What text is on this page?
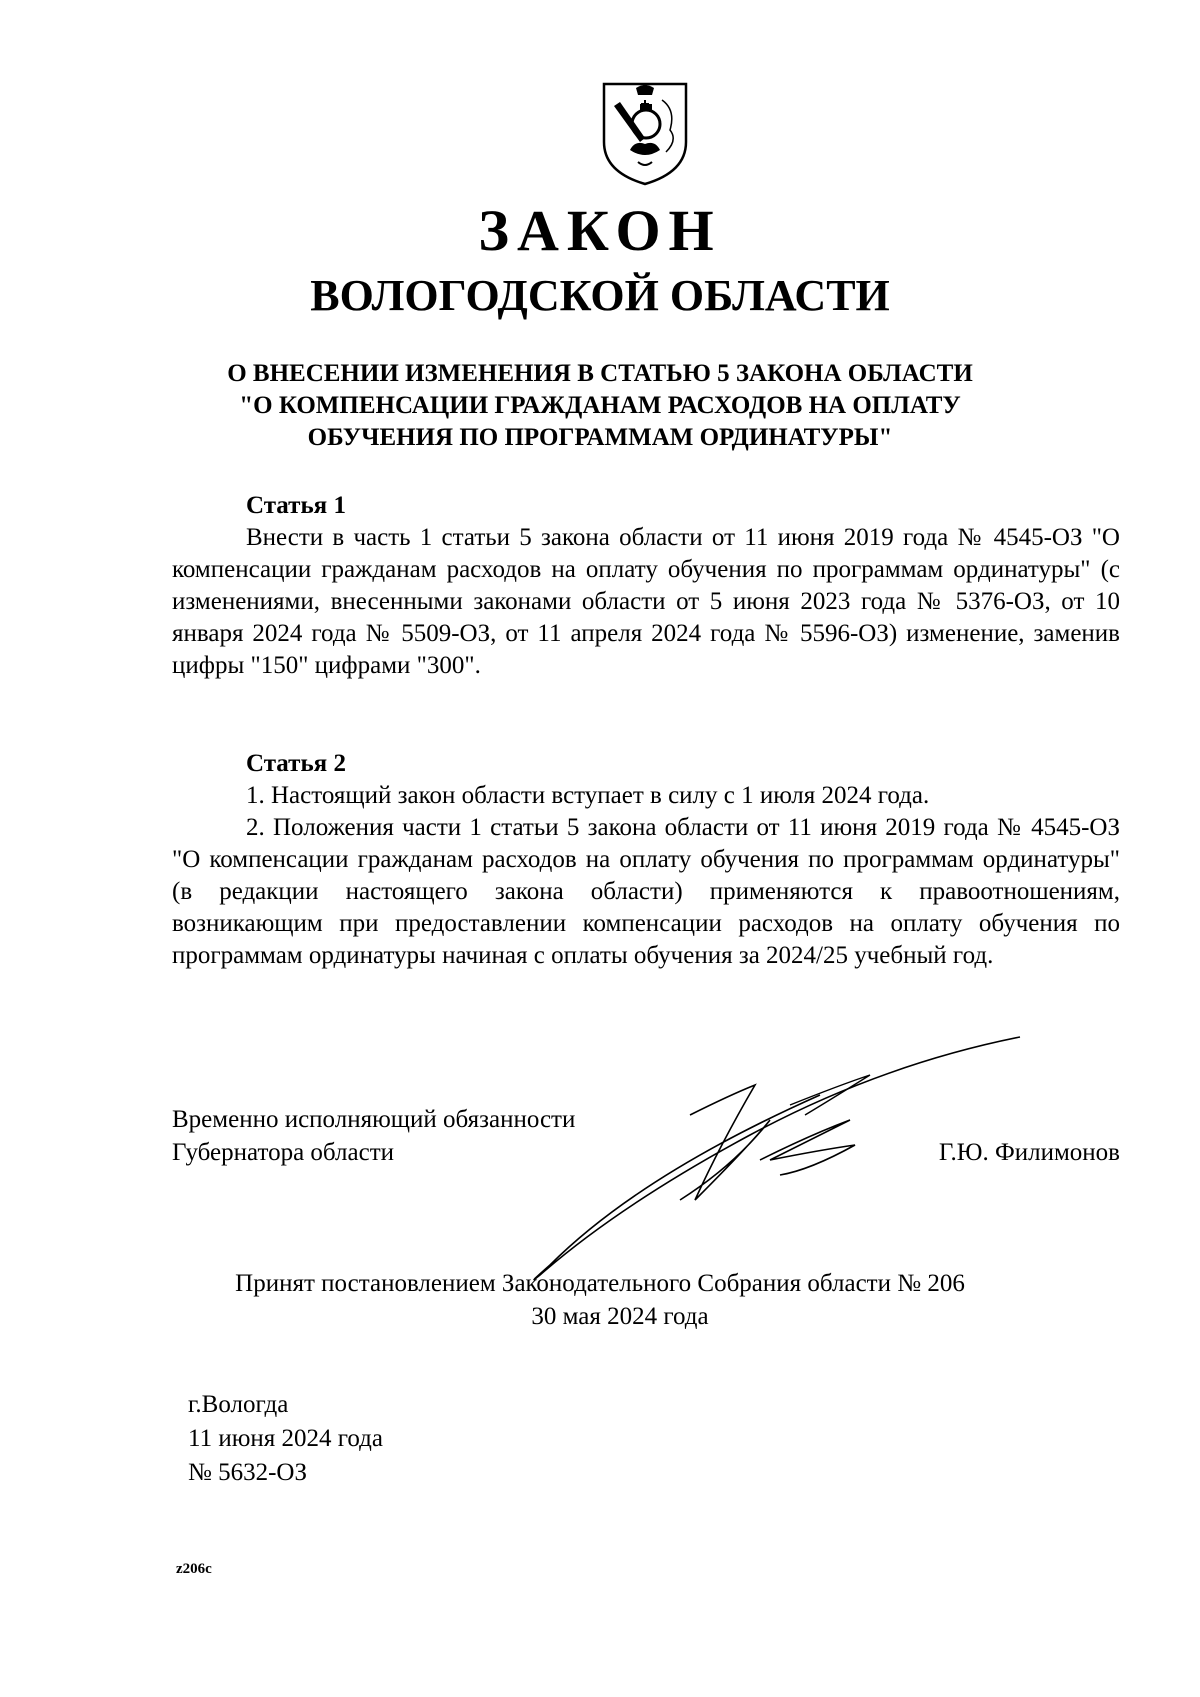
ЗАКОН
ВОЛОГОДСКОЙ ОБЛАСТИ
О ВНЕСЕНИИ ИЗМЕНЕНИЯ В СТАТЬЮ 5 ЗАКОНА ОБЛАСТИ
"О КОМПЕНСАЦИИ ГРАЖДАНАМ РАСХОДОВ НА ОПЛАТУ
ОБУЧЕНИЯ ПО ПРОГРАММАМ ОРДИНАТУРЫ"
Статья 1

Внести в часть 1 статьи 5 закона области от 11 июня 2019 года № 4545-ОЗ "О компенсации гражданам расходов на оплату обучения по программам ординатуры" (с изменениями, внесенными законами области от 5 июня 2023 года № 5376-ОЗ, от 10 января 2024 года № 5509-ОЗ, от 11 апреля 2024 года № 5596-ОЗ) изменение, заменив цифры "150" цифрами "300".

Статья 2

1. Настоящий закон области вступает в силу с 1 июля 2024 года.

2. Положения части 1 статьи 5 закона области от 11 июня 2019 года № 4545-ОЗ "О компенсации гражданам расходов на оплату обучения по программам ординатуры" (в редакции настоящего закона области) применяются к правоотношениям, возникающим при предоставлении компенсации расходов на оплату обучения по программам ординатуры начиная с оплаты обучения за 2024/25 учебный год.

Временно исполняющий обязанности
Губернатора области	Г.Ю. Филимонов
Принят постановлением Законодательного Собрания области № 206
30 мая 2024 года
г.Вологда
11 июня 2024 года
№ 5632-ОЗ
z206с
